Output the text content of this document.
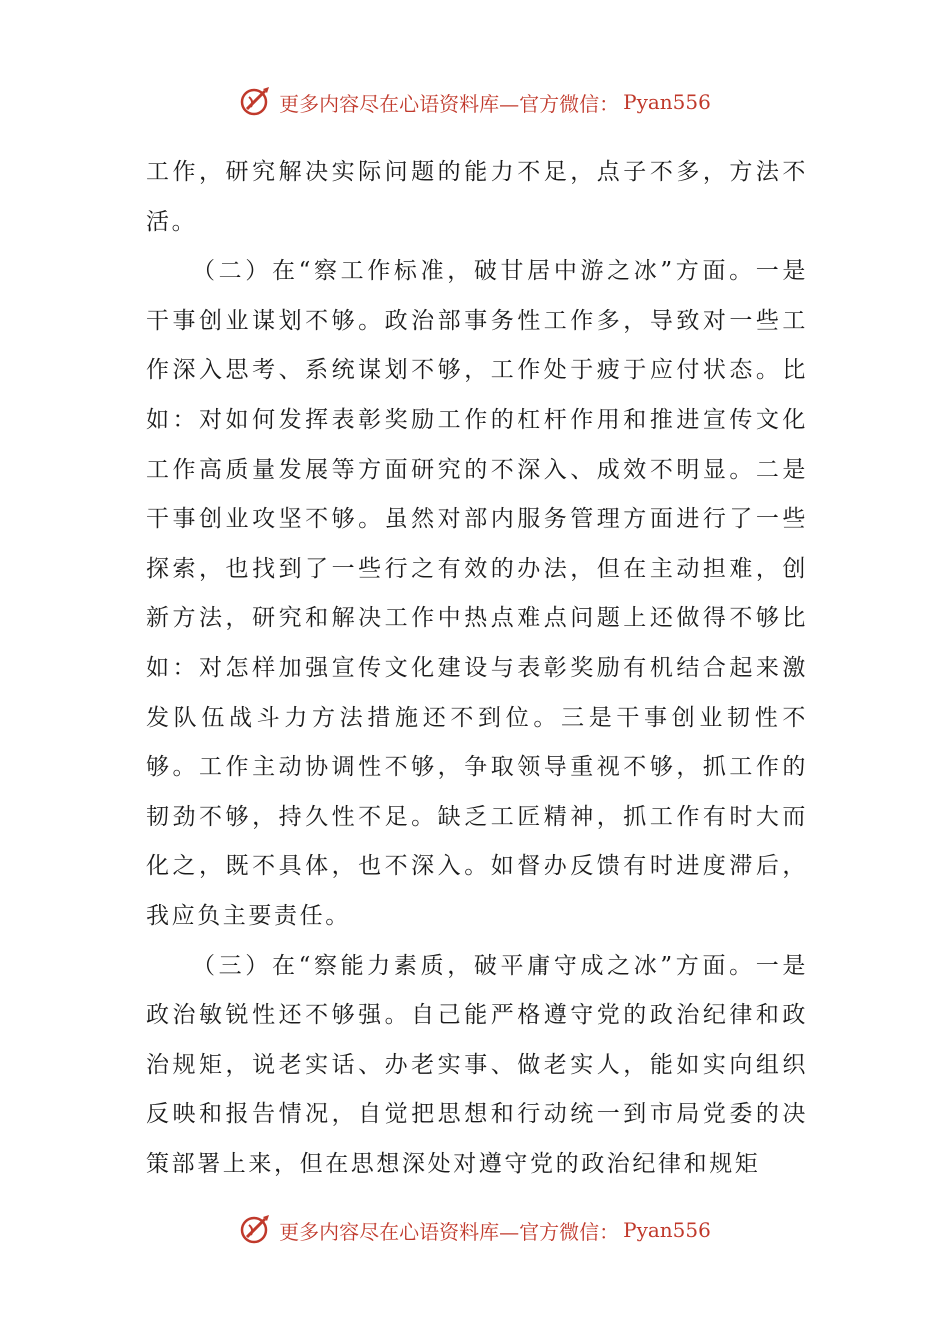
更多内容尽在心语资料库—官方微信： Pyan556

工作，研究解决实际问题的能力不足，点子不多，方法不活。

（二）在“察工作标准，破甘居中游之冰”方面。一是干事创业谋划不够。政治部事务性工作多，导致对一些工作深入思考、系统谋划不够，工作处于疲于应付状态。比如：对如何发挥表彰奖励工作的杠杆作用和推进宣传文化工作高质量发展等方面研究的不深入、成效不明显。二是干事创业攻坚不够。虽然对部内服务管理方面进行了一些探索，也找到了一些行之有效的办法，但在主动担难，创新方法，研究和解决工作中热点难点问题上还做得不够比如：对怎样加强宣传文化建设与表彰奖励有机结合起来激发队伍战斗力方法措施还不到位。三是干事创业韧性不够。工作主动协调性不够，争取领导重视不够，抓工作的韧劲不够，持久性不足。缺乏工匠精神，抓工作有时大而化之，既不具体，也不深入。如督办反馈有时进度滞后，我应负主要责任。

（三）在“察能力素质，破平庸守成之冰”方面。一是政治敏锐性还不够强。自己能严格遵守党的政治纪律和政治规矩，说老实话、办老实事、做老实人，能如实向组织反映和报告情况，自觉把思想和行动统一到市局党委的决策部署上来，但在思想深处对遵守党的政治纪律和规矩

更多内容尽在心语资料库—官方微信： Pyan556
